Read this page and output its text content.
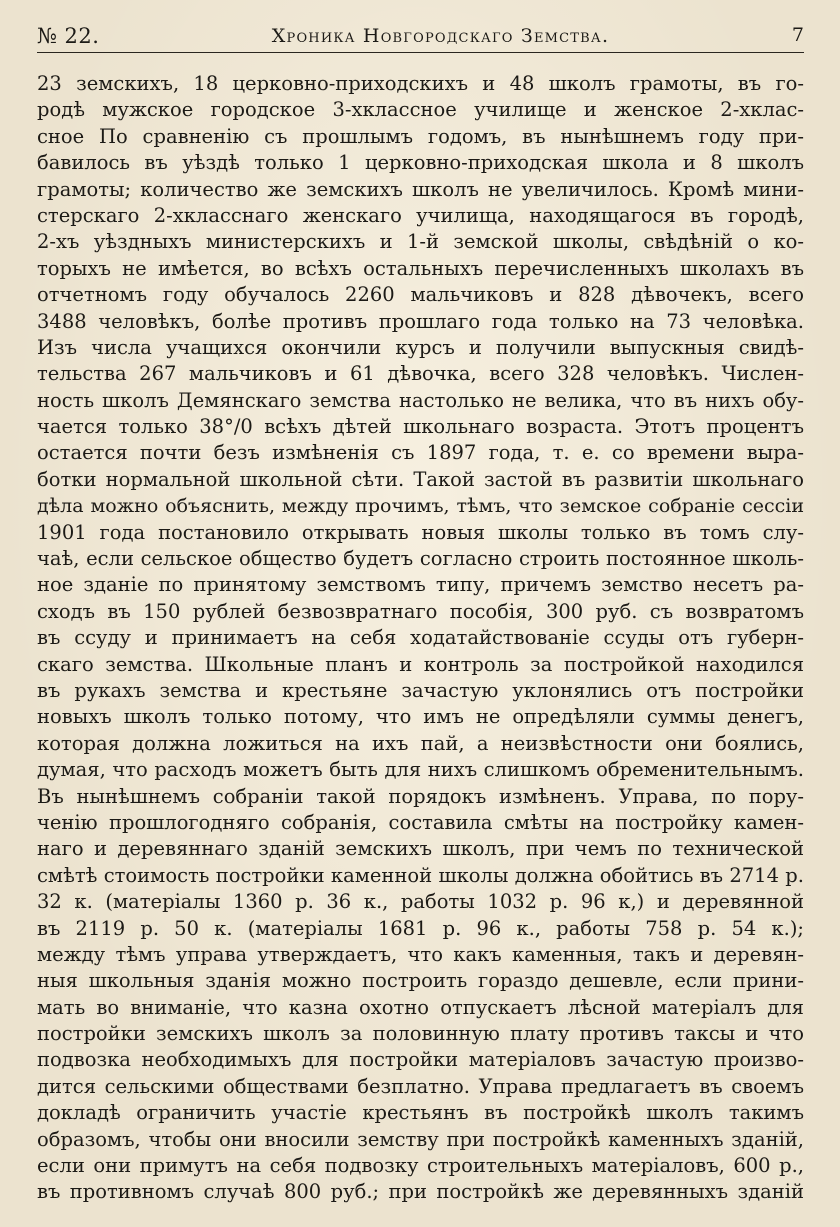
№ 22.	Хроника Новгородскаго Земства.	7
23 земскихъ, 18 церковно-приходскихъ и 48 школъ грамоты, въ го-
родѣ мужское городское 3-хклассное училище и женское 2-хклас-
сное По сравненію съ прошлымъ годомъ, въ нынѣшнемъ году при-
бавилось въ уѣздѣ только 1 церковно-приходская школа и 8 школъ
грамоты; количество же земскихъ школъ не увеличилось. Кромѣ мини-
стерскаго 2-хкласснаго женскаго училища, находящагося въ городѣ,
2-хъ уѣздныхъ министерскихъ и 1-й земской школы, свѣдѣній о ко-
торыхъ не имѣется, во всѣхъ остальныхъ перечисленныхъ школахъ въ
отчетномъ году обучалось 2260 мальчиковъ и 828 дѣвочекъ, всего
3488 человѣкъ, болѣе противъ прошлаго года только на 73 человѣка.
Изъ числа учащихся окончили курсъ и получили выпускныя свидѣ-
тельства 267 мальчиковъ и 61 дѣвочка, всего 328 человѣкъ. Числен-
ность школъ Демянскаго земства настолько не велика, что въ нихъ обу-
чается только 38°/0 всѣхъ дѣтей школьнаго возраста. Этотъ процентъ
остается почти безъ измѣненія съ 1897 года, т. е. со времени выра-
ботки нормальной школьной сѣти. Такой застой въ развитіи школьнаго
дѣла можно объяснить, между прочимъ, тѣмъ, что земское собраніе сессіи
1901 года постановило открывать новыя школы только въ томъ слу-
чаѣ, если сельское общество будетъ согласно строить постоянное школь-
ное зданіе по принятому земствомъ типу, причемъ земство несетъ ра-
сходъ въ 150 рублей безвозвратнаго пособія, 300 руб. съ возвратомъ
въ ссуду и принимаетъ на себя ходатайствованіе ссуды отъ губерн-
скаго земства. Школьные планъ и контроль за постройкой находился
въ рукахъ земства и крестьяне зачастую уклонялись отъ постройки
новыхъ школъ только потому, что имъ не опредѣляли суммы денегъ,
которая должна ложиться на ихъ пай, а неизвѣстности они боялись,
думая, что расходъ можетъ быть для нихъ слишкомъ обременительнымъ.
Въ нынѣшнемъ собраніи такой порядокъ измѣненъ. Управа, по пору-
ченію прошлогодняго собранія, составила смѣты на постройку камен-
наго и деревяннаго зданій земскихъ школъ, при чемъ по технической
смѣтѣ стоимость постройки каменной школы должна обойтись въ 2714 р.
32 к. (матеріалы 1360 р. 36 к., работы 1032 р. 96 к,) и деревянной
въ 2119 р. 50 к. (матеріалы 1681 р. 96 к., работы 758 р. 54 к.);
между тѣмъ управа утверждаетъ, что какъ каменныя, такъ и деревян-
ныя школьныя зданія можно построить гораздо дешевле, если прини-
мать во вниманіе, что казна охотно отпускаетъ лѣсной матеріалъ для
постройки земскихъ школъ за половинную плату противъ таксы и что
подвозка необходимыхъ для постройки матеріаловъ зачастую произво-
дится сельскими обществами безплатно. Управа предлагаетъ въ своемъ
докладѣ ограничить участіе крестьянъ въ постройкѣ школъ такимъ
образомъ, чтобы они вносили земству при постройкѣ каменныхъ зданій,
если они примутъ на себя подвозку строительныхъ матеріаловъ, 600 р.,
въ противномъ случаѣ 800 руб.; при постройкѣ же деревянныхъ зданій
